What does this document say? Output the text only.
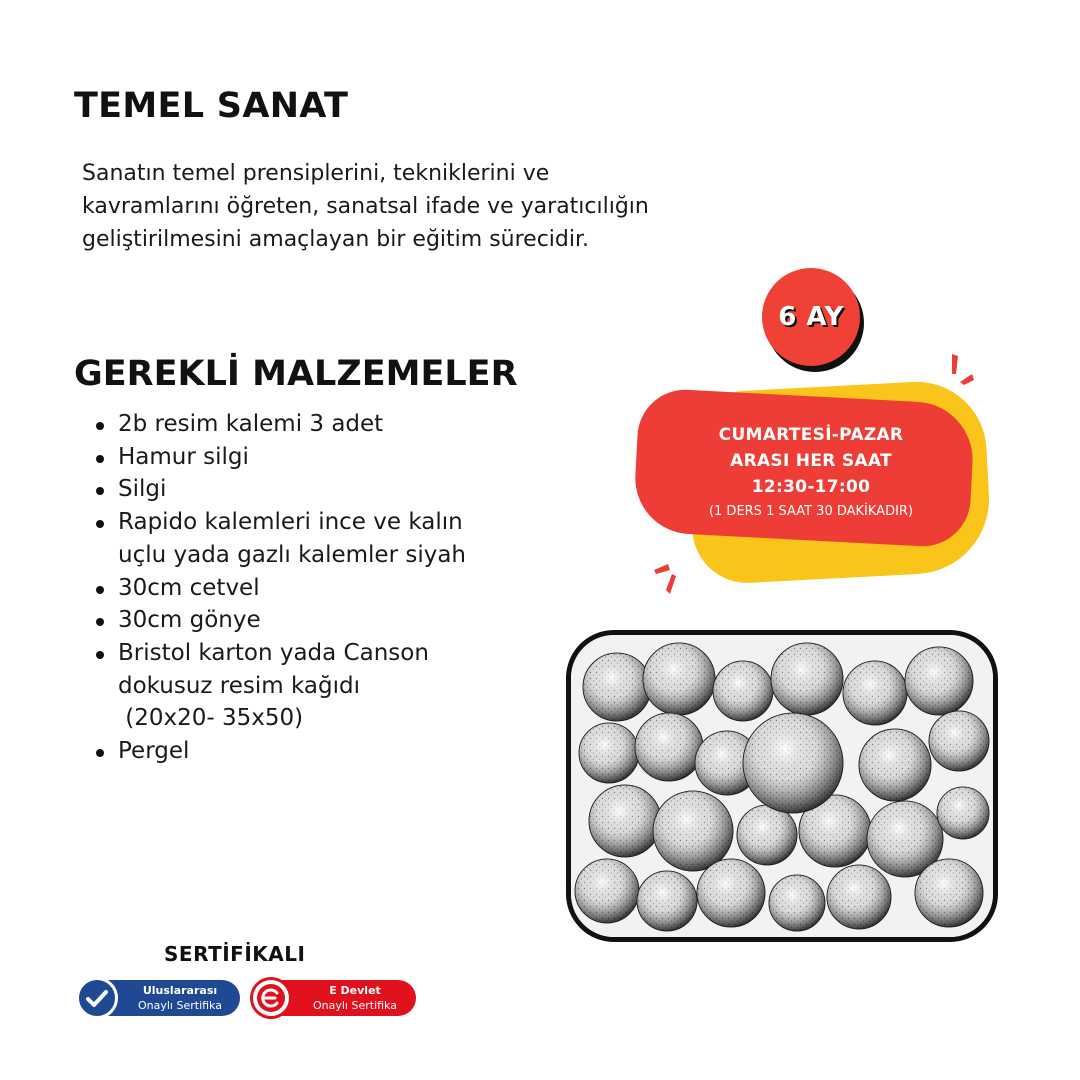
TEMEL SANAT
Sanatın temel prensiplerini, tekniklerini ve
kavramlarını öğreten, sanatsal ifade ve yaratıcılığın
geliştirilmesini amaçlayan bir eğitim sürecidir.
GEREKLİ MALZEMELER
2b resim kalemi 3 adet
Hamur silgi
Silgi
Rapido kalemleri ince ve kalın
uçlu yada gazlı kalemler siyah
30cm cetvel
30cm gönye
Bristol karton yada Canson
dokusuz resim kağıdı
(20x20- 35x50)
Pergel
6 AY
CUMARTESİ-PAZAR
ARASI HER SAAT
12:30-17:00
(1 DERS 1 SAAT 30 DAKİKADIR)
SERTİFİKALI
Uluslararası
Onaylı Sertifika
E Devlet
Onaylı Sertifika
